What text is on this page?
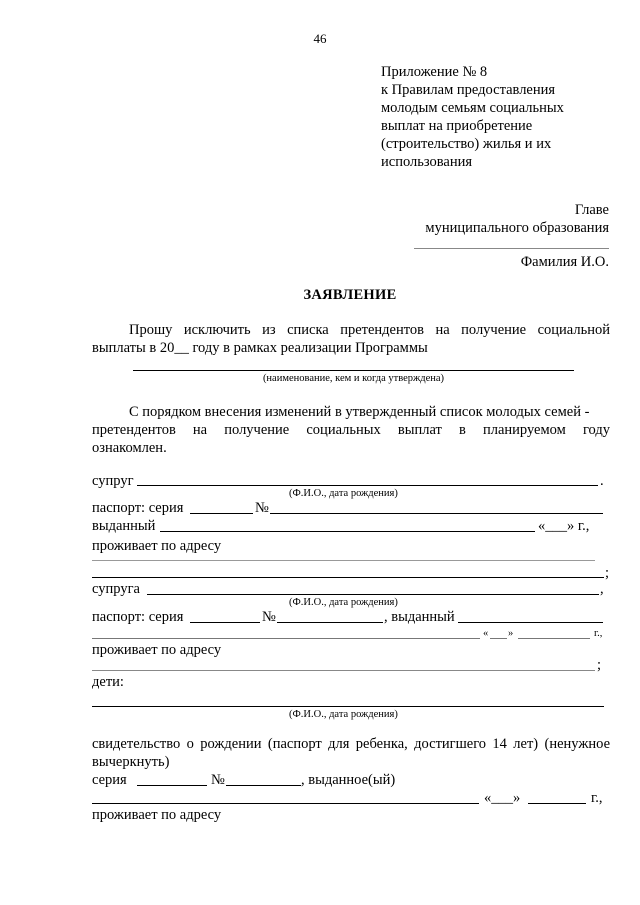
46
Приложение № 8
к Правилам предоставления
молодым семьям социальных
выплат на приобретение
(строительство) жилья и их
использования
Главе
муниципального образования
Фамилия И.О.
ЗАЯВЛЕНИЕ
Прошу исключить из списка претендентов на получение социальной
выплаты в 20__ году в рамках реализации Программы
(наименование, кем и когда утверждена)
С порядком внесения изменений в утвержденный список молодых семей -
претендентов на получение социальных выплат в планируемом году
ознакомлен.
супруг	.
(Ф.И.О., дата рождения)
паспорт: серия	№
выданный	«___» г.,
проживает по адресу
;
супруга	,
(Ф.И.О., дата рождения)
паспорт: серия	№	, выданный
« »	г.,
проживает по адресу
;
дети:
(Ф.И.О., дата рождения)
свидетельство о рождении (паспорт для ребенка, достигшего 14 лет) (ненужное
вычеркнуть)
серия	№	, выданное(ый)
«___»	г.,
проживает по адресу
